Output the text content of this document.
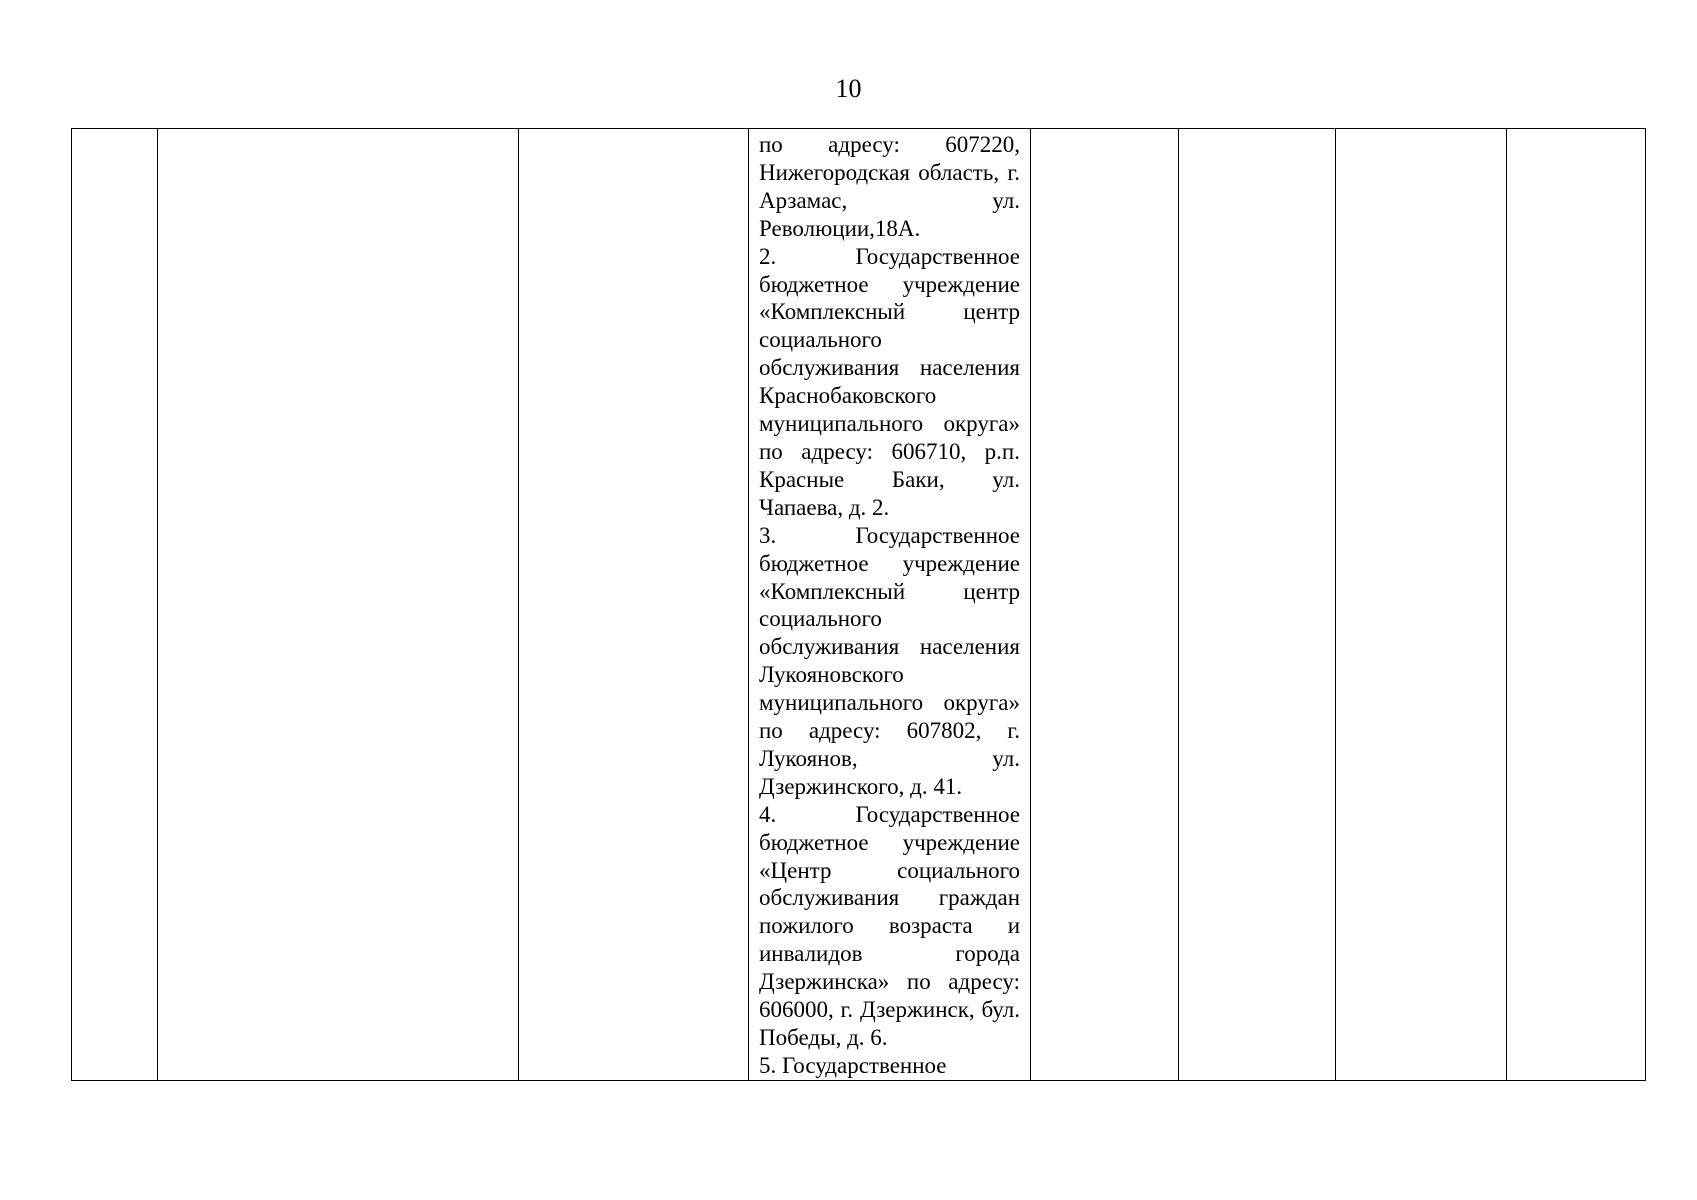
10

по адресу: 607220, Нижегородская область, г. Арзамас, ул. Революции,18А.
2. Государственное бюджетное учреждение «Комплексный центр социального обслуживания населения Краснобаковского муниципального округа» по адресу: 606710, р.п. Красные Баки, ул. Чапаева, д. 2.
3. Государственное бюджетное учреждение «Комплексный центр социального обслуживания населения Лукояновского муниципального округа» по адресу: 607802, г. Лукоянов, ул. Дзержинского, д. 41.
4. Государственное бюджетное учреждение «Центр социального обслуживания граждан пожилого возраста и инвалидов города Дзержинска» по адресу: 606000, г. Дзержинск, бул. Победы, д. 6.
5. Государственное
